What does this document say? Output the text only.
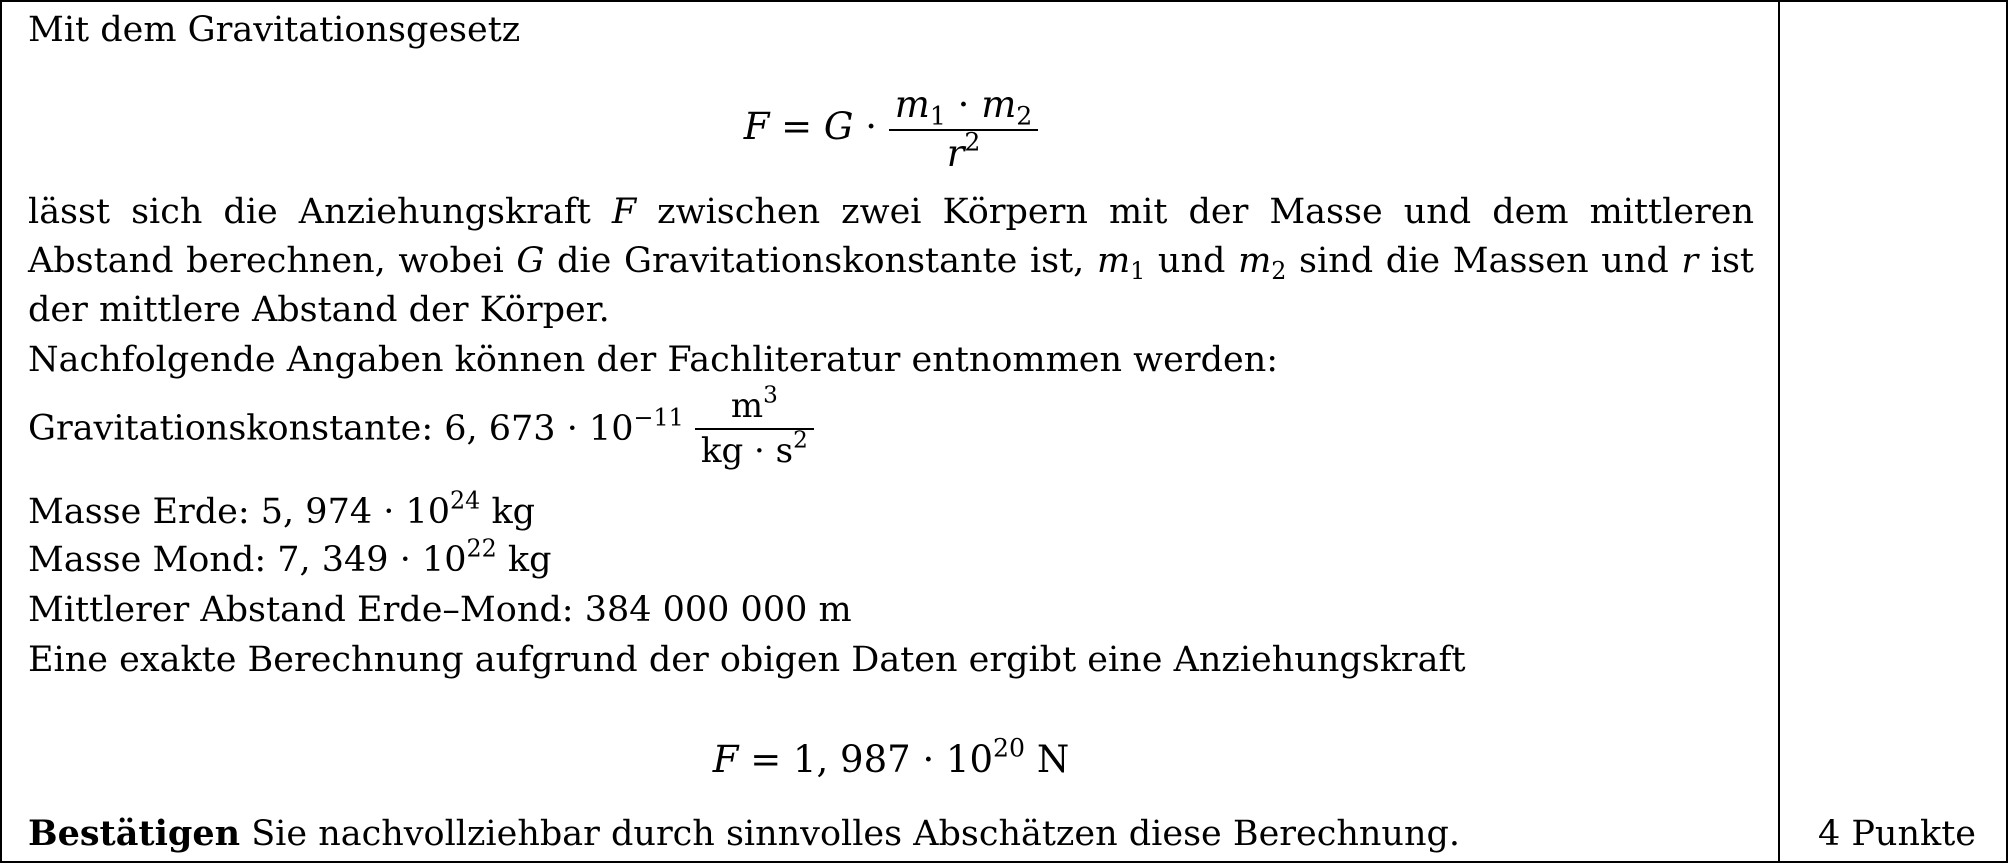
Mit dem Gravitationsgesetz
$F = G \cdot \frac{m_1 \cdot m_2}{r^2}$
lässt sich die Anziehungskraft F zwischen zwei Körpern mit der Masse und dem mittleren Abstand berechnen, wobei G die Gravitationskonstante ist, $m_1$ und $m_2$ sind die Massen und r ist der mittlere Abstand der Körper.
Nachfolgende Angaben können der Fachliteratur entnommen werden:
Gravitationskonstante: 6, $673 \cdot 10^{-11} \frac{m^3}{kg \cdot s^2}$
Masse Erde: 5, $974 \cdot 10^{24}$ kg
Masse Mond: 7, $349 \cdot 10^{22}$ kg
Mittlerer Abstand Erde–Mond: 384 000 000 m
Eine exakte Berechnung aufgrund der obigen Daten ergibt eine Anziehungskraft
F = 1, $987 \cdot 10^{20}$ N
Bestätigen Sie nachvollziehbar durch sinnvolles Abschätzen diese Berechnung.	4 Punkte
